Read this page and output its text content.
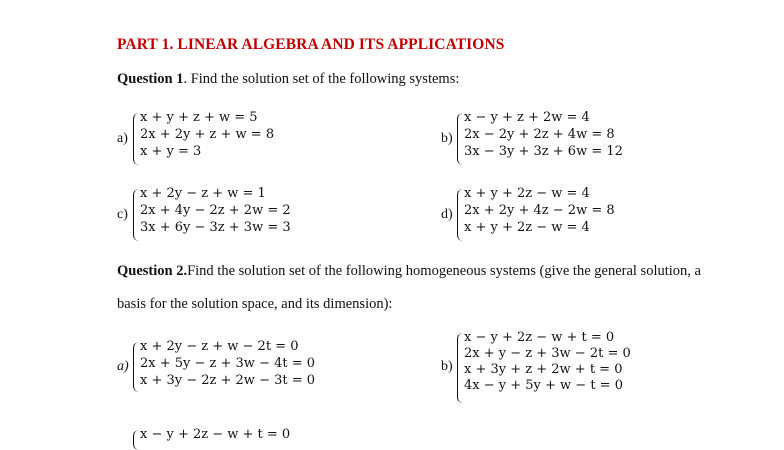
PART 1. LINEAR ALGEBRA AND ITS APPLICATIONS
Question 1. Find the solution set of the following systems:
a)
x + y + z + w = 5
2x + 2y + z + w = 8
x + y = 3
b)
x − y + z + 2w = 4
2x − 2y + 2z + 4w = 8
3x − 3y + 3z + 6w = 12
c)
x + 2y − z + w = 1
2x + 4y − 2z + 2w = 2
3x + 6y − 3z + 3w = 3
d)
x + y + 2z − w = 4
2x + 2y + 4z − 2w = 8
x + y + 2z − w = 4
Question 2.Find the solution set of the following homogeneous systems (give the general solution, a
basis for the solution space, and its dimension):
a)
x + 2y − z + w − 2t = 0
2x + 5y − z + 3w − 4t = 0
x + 3y − 2z + 2w − 3t = 0
b)
x − y + 2z − w + t = 0
2x + y − z + 3w − 2t = 0
x + 3y + z + 2w + t = 0
4x − y + 5y + w − t = 0
x − y + 2z − w + t = 0
